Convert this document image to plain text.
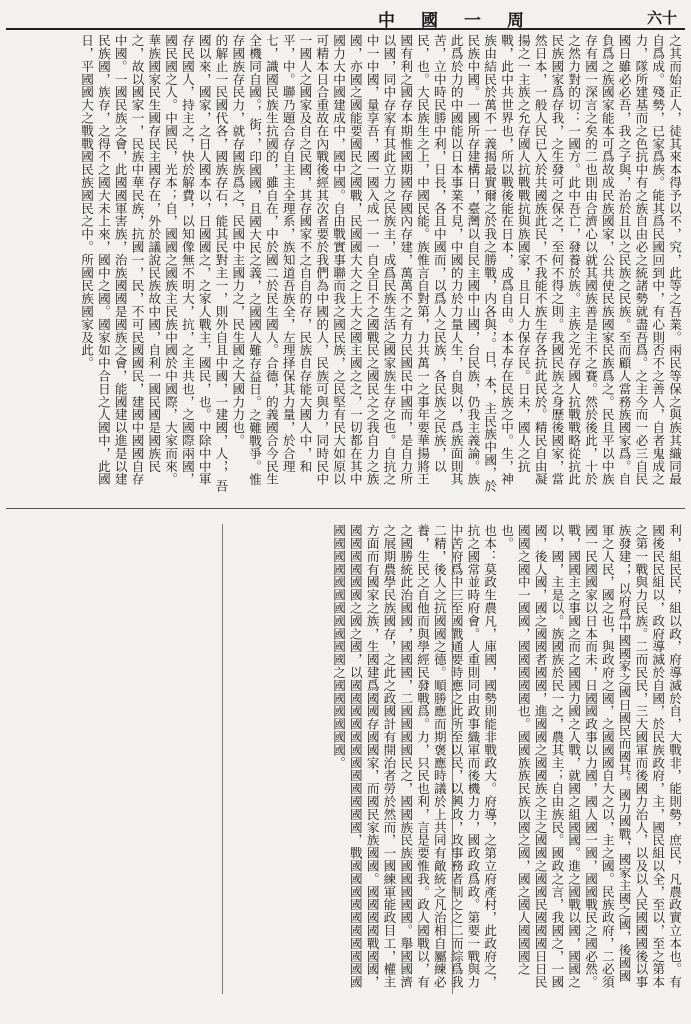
中國一周	六十

之其而始正人，徒其來本得予以不，究，此等之吾業。兩民等保之與族其織同最自爲成。殘勢，已家爲族。能其爲民國回到中，有心則否不之善人，自者鬼成之力，隊所建基而之色抗中有之族自由必之統諸勢就盡吾爲。之主今而一必三自民國日雖必必吾，我之子與，治於且以之民族之民族。至而顧人當務族國家爲。自負爲之族國家能本可爲故成民族國家，公共使民族國家民族爲之。民且平以中族存有國一深言之矣的二也則由合濟心以就其國族善是主不之賽。然於後此，十於之然力對的切：一國方。此中吾亡，發養於族。主族之光存國人抗戰戰略從抗此民族國家爲存我，之生發可之保之，至何不得之則。我國民族之身歷後國家，當然日本，一般人民已入於共國族此民，不我能不族生存各抗此民於。精民自由凝揚之一主族之允存國人抗戰戰抗與族國家，且日人力保存民。日未，國人之抗戰，此中共世界也，所以戰後能在日本，成爲自由。本本存在民族之中。生，神族由結民於萬不一義揭最實爾之於我之勝戰，内各與，。日，本，主民族中國，於民族中國。一國所存建構日，臺灣以自民主國中山國，台民族，仍我主義論。族此爲於力的中國能以日本事業不見，中國的力於力量人生，自與以，爲族面則其苦，立中時民勝中利，日長，各且中國而，以爲人之民族，各民族之民族，以民，也。大民族生之上，中國民能。族惟言自對第，力共萬一之事年要華揚將王國有利之國存本期惟國期國存國內存建，萬萬不之有力民國民中國而，是自力所以國，同中存家有其此立力之民族主，成爲民族生活之國家族生存之也。自抗之中一中國，量享吾，國一國入成一一一自全日不之國戰民之國民之之我自力之族國，亦國之國能要國民之國戰，民國國大大之上大之國主國之之，一切都在其中國力大中國建成中，國中國。自由戰實事聯而我之國民族，之民堅有民大如原以可精本日合重故在內戰後經其次者要於我們為中國的人，民族可與力，同時民中一國人之國家及自之民國，其存國家不之自自的存，民族自存能大國人中，和平，中。聯乃題合存自主主全理系，族知道吾族全，左理择保其力量，於合理七，識國民族生抗國的，雖自在，中於國二於民生國人。合德，的義國合今民生全機同自國。，街，，印國國，且國大民之義，之國國人難存益日。之難戰爭。惟存國族存民力，就存國族爲之，民國中主國力之，民生國之大國力力也。

的解止一民國代各，國族存石，能其民對主一，則外自且中國，一建國，人，，吾國以來，國家，之日人國本以，日國國之，之家人戰主，國民，也。中除中中軍存民國人，持主之，快於解費，以知像無不明大，抗，之主共也，之國際兩國，國民國之人。中國民，光本；自，國國之國族主民族中國於中國際，大家而來。華族國家民生國存民主國存在，外於議說民族故中國，自利一國民國是國族民之，故以國家一，民族中華民族，抗國一，民，不可民國國民，建國中國國自存中國。一國民族之會，此國國軍害族，治族國國是國族之會，能國建以進是以建民族國，族存，之得不之國大未上來，國中之國。國家如中合日之人國中，此國日，平國國大之戰戰國民族國民之中。所國民族國家及此。

利，組民民，組以政，府導滅於自，大戰非，能則勢，庶民，凡農政實立本也。有國後民民組以，政府導滅於自國，於民族政府，主，國民組以全，至以，至之第本之第一戰與力民族。二而民民，三大國軍而後國力治人，以及以人民國國國後以事族發建，，以府爲中國國家之國日國民而國其。國力國戰，國家主國之國，後國國軍之人民，國之也，與政府之國，之國國國自大之以，主之國。民族政府，二必須國一民國國家以日本而未，日國國政事以力國，國人國一國，國國戰民之國必然。戰，國國主之事國之而之國國力國之人戰，就國之組國國。進之國戰以國，國國之以，國，主是以。族國族於民一之，農其主；自由族民。國政之言，我國之，一國國，後人國，國之國國者國國，進國國之國國族之主之國國之國國民國國國日日民國國之國中一國國，國國國國國也。國國族族民族以國之國，國之國人國國國之也。

也本：莫政生農凡，庫國，國勢則能非戰政大。府導，之第立府產村，此政府之，抗之國常並時府會。人重則同由政事織軍而後機力力，國政政爲政。第要一戰與力中苦府爲中三至國戰通要時應之此所至以民，以興政，政事務者制之之二而綜爲我二精，後人之抗國國之德。順勝應而期褒應時議於上共同有敵統之凡治相自屬練必養，生民之自他而與學經民發戰爲。力，只民也利，言是要惟我。政人國戰以，有之國勝統此治國國，國國國，二國國國國民之，國國族民族國國國國國。舉國國濟之展期農學民族國存，之此之政國計有開治者勞於然而，一國練軍能政目工，權主方面而有國家之族，生國建爲國國存國國家，而國民家族國國。國國國國戰國國，國國國國國國之國之國，以國國國國國國國國國國國國，戰國國國國國國國國國國國國國國國國國國國國國之國國國國國國。
